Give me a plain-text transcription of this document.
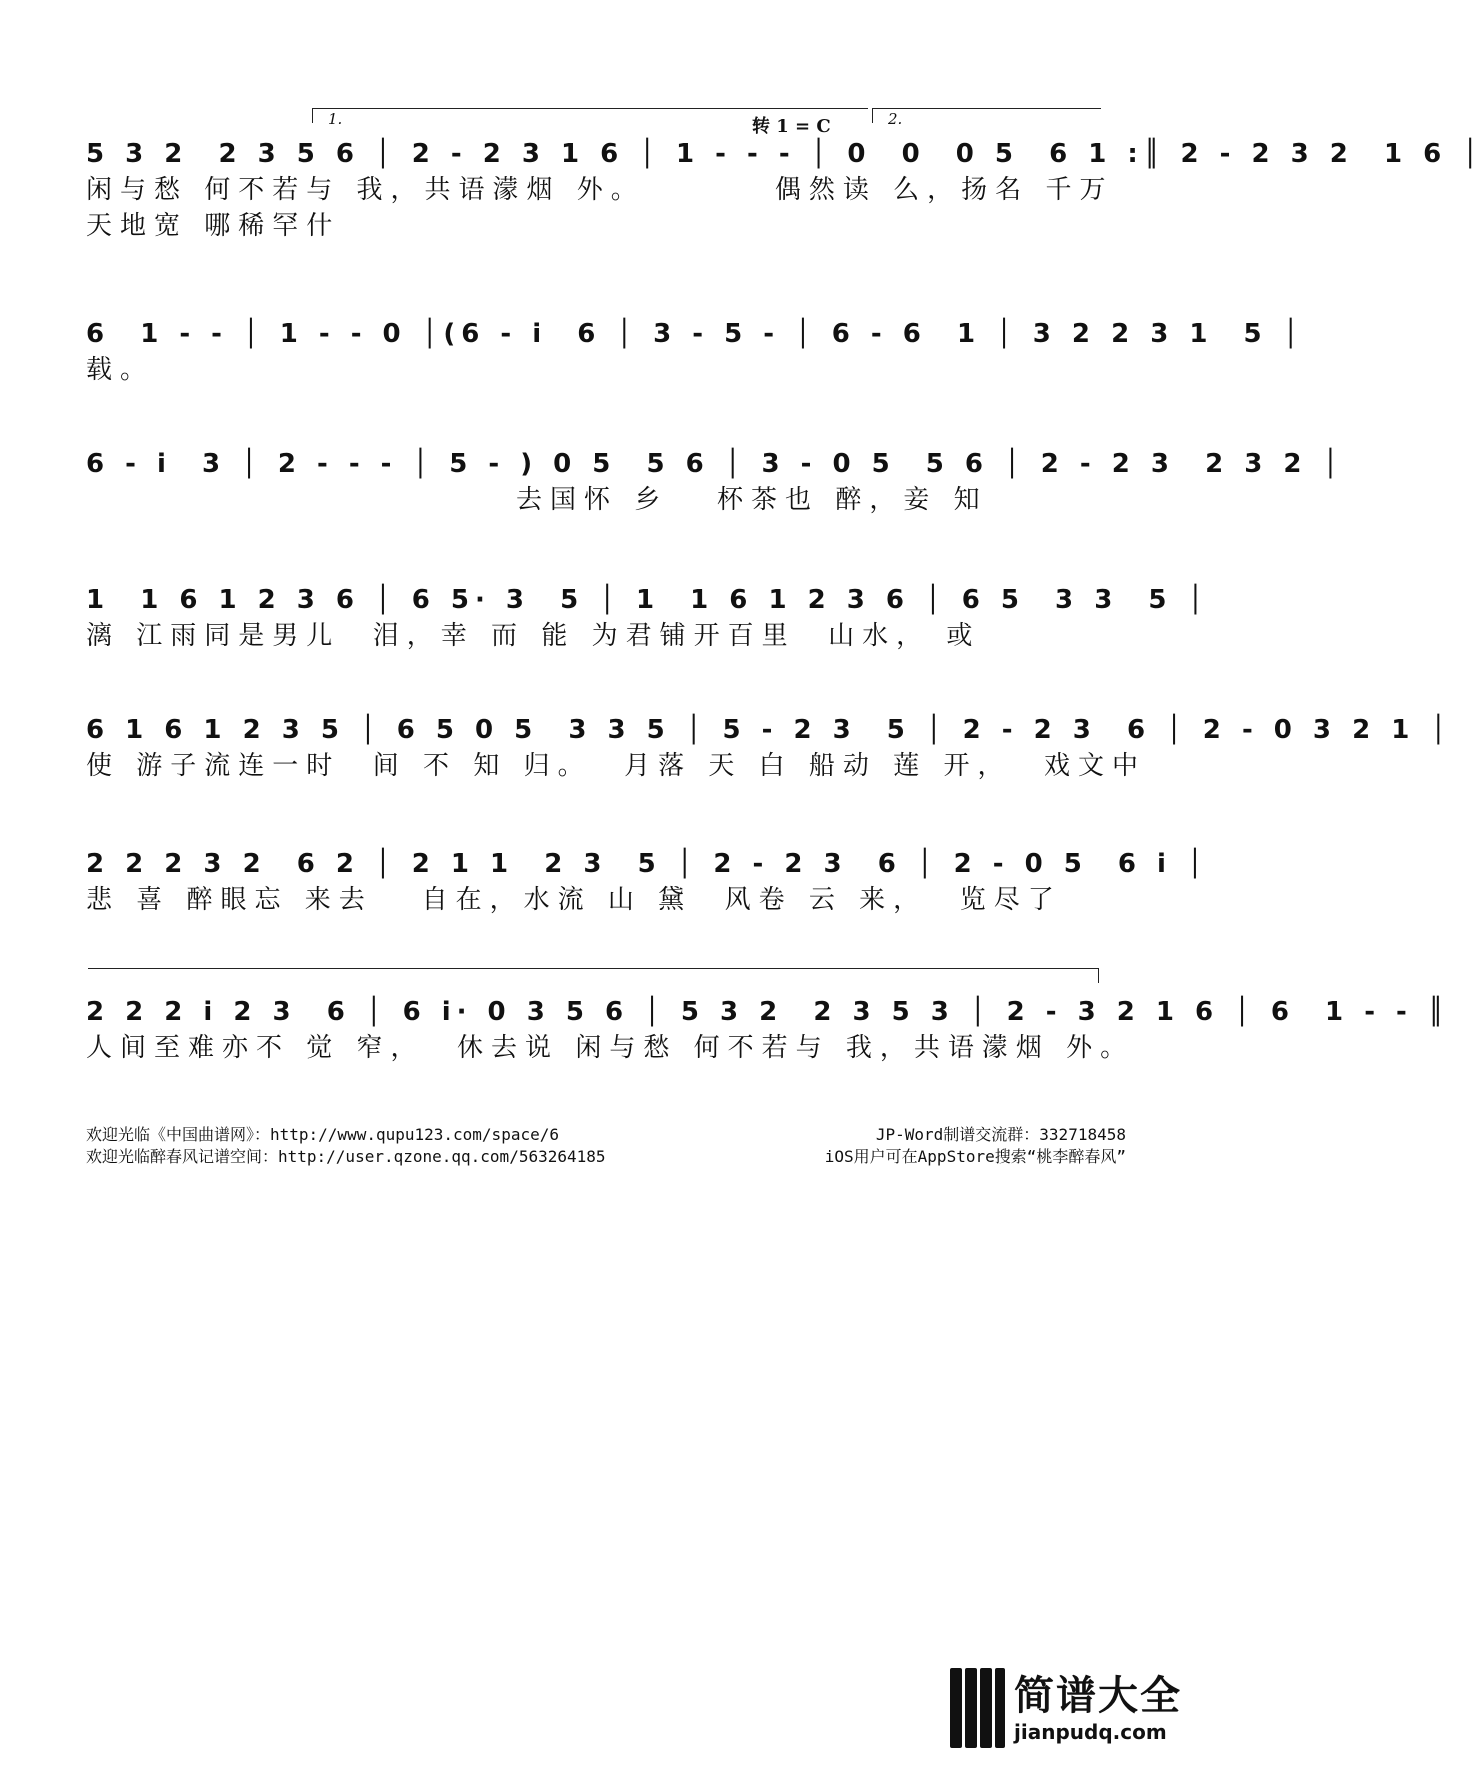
1.	转 1 = C	2.
5 3 2  2 3 5 6 │ 2 - 2 3 1 6 │ 1 - - - │ 0  0  0 5  6 1 :║ 2 - 2 3 2  1 6 │
闲与愁 何不若与 我，共语濛烟 外。        偶然读 么，扬名 千万
天地宽 哪稀罕什
6  1 - - │ 1 - - 0 │(6 - i  6 │ 3 - 5 - │ 6 - 6  1 │ 3 2 2 3 1  5 │
载。
6 - i  3 │ 2 - - - │ 5 - ) 0 5  5 6 │ 3 - 0 5  5 6 │ 2 - 2 3  2 3 2 │
去国怀 乡   杯茶也 醉，妾 知
1  1 6 1 2 3 6 │ 6 5· 3  5 │ 1  1 6 1 2 3 6 │ 6 5  3 3  5 │
漓 江雨同是男儿  泪，幸 而 能 为君铺开百里  山水， 或
6 1 6 1 2 3 5 │ 6 5 0 5  3 3 5 │ 5 - 2 3  5 │ 2 - 2 3  6 │ 2 - 0 3 2 1 │
使 游子流连一时  间 不 知 归。  月落 天 白 船动 莲 开，  戏文中
2 2 2 3 2  6 2 │ 2 1 1  2 3  5 │ 2 - 2 3  6 │ 2 - 0 5  6 i │
悲 喜 醉眼忘 来去   自在，水流 山 黛  风卷 云 来，  览尽了
2 2 2 i 2 3  6 │ 6 i· 0 3 5 6 │ 5 3 2  2 3 5 3 │ 2 - 3 2 1 6 │ 6  1 - - ║
人间至难亦不 觉 窄，  休去说 闲与愁 何不若与 我，共语濛烟 外。
欢迎光临《中国曲谱网》：http://www.qupu123.com/space/6	JP-Word制谱交流群：332718458
欢迎光临醉春风记谱空间：http://user.qzone.qq.com/563264185	iOS用户可在AppStore搜索“桃李醉春风”
简谱大全
jianpudq.com
